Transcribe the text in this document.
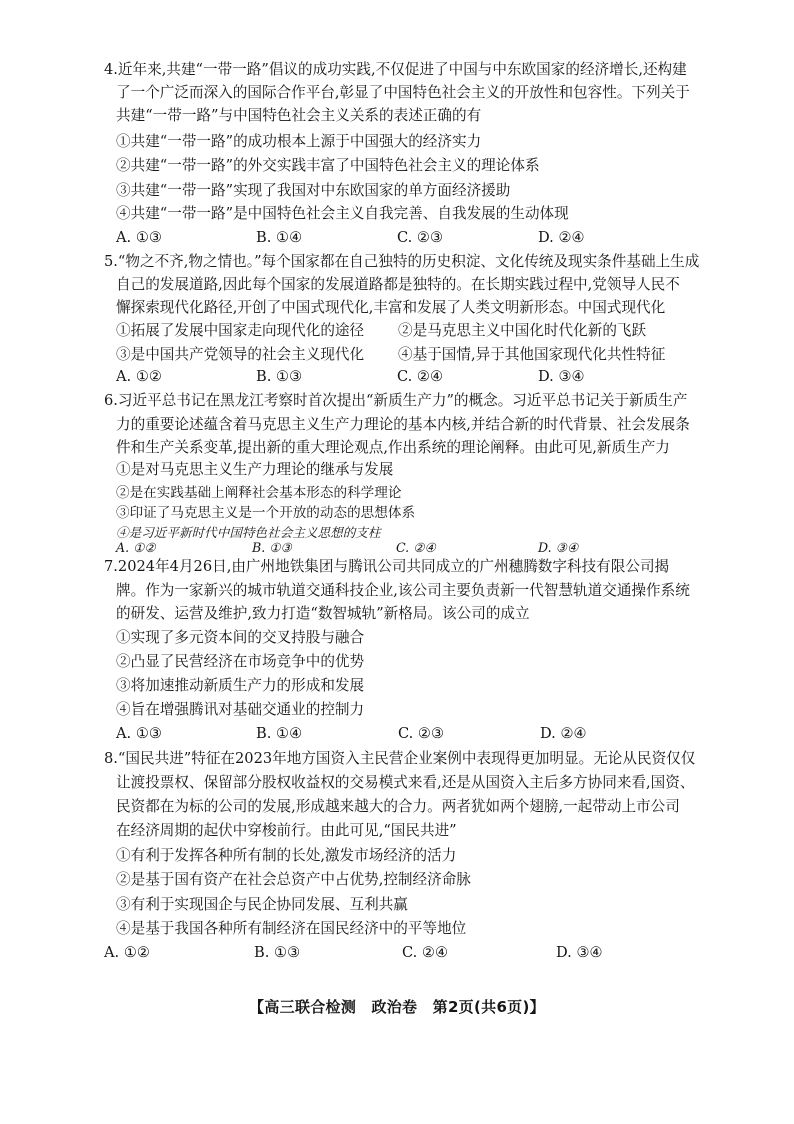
4.近年来,共建“一带一路”倡议的成功实践,不仅促进了中国与中东欧国家的经济增长,还构建
了一个广泛而深入的国际合作平台,彰显了中国特色社会主义的开放性和包容性。下列关于
共建“一带一路”与中国特色社会主义关系的表述正确的有
①共建“一带一路”的成功根本上源于中国强大的经济实力
②共建“一带一路”的外交实践丰富了中国特色社会主义的理论体系
③共建“一带一路”实现了我国对中东欧国家的单方面经济援助
④共建“一带一路”是中国特色社会主义自我完善、自我发展的生动体现
A. ①③	B. ①④	C. ②③	D. ②④
5.“物之不齐,物之情也。”每个国家都在自己独特的历史积淀、文化传统及现实条件基础上生成
自己的发展道路,因此每个国家的发展道路都是独特的。在长期实践过程中,党领导人民不
懈探索现代化路径,开创了中国式现代化,丰富和发展了人类文明新形态。中国式现代化
①拓展了发展中国家走向现代化的途径 ②是马克思主义中国化时代化新的飞跃
③是中国共产党领导的社会主义现代化 ④基于国情,异于其他国家现代化共性特征
A. ①②	B. ①③	C. ②④	D. ③④
6.习近平总书记在黑龙江考察时首次提出“新质生产力”的概念。习近平总书记关于新质生产
力的重要论述蕴含着马克思主义生产力理论的基本内核,并结合新的时代背景、社会发展条
件和生产关系变革,提出新的重大理论观点,作出系统的理论阐释。由此可见,新质生产力
①是对马克思主义生产力理论的继承与发展
②是在实践基础上阐释社会基本形态的科学理论
③印证了马克思主义是一个开放的动态的思想体系
④是习近平新时代中国特色社会主义思想的支柱
A. ①②	B. ①③	C. ②④	D. ③④
7.2024年4月26日,由广州地铁集团与腾讯公司共同成立的广州穗腾数字科技有限公司揭
牌。作为一家新兴的城市轨道交通科技企业,该公司主要负责新一代智慧轨道交通操作系统
的研发、运营及维护,致力打造“数智城轨”新格局。该公司的成立
①实现了多元资本间的交叉持股与融合
②凸显了民营经济在市场竞争中的优势
③将加速推动新质生产力的形成和发展
④旨在增强腾讯对基础交通业的控制力
A. ①③	B. ①④	C. ②③	D. ②④
8.“国民共进”特征在2023年地方国资入主民营企业案例中表现得更加明显。无论从民资仅仅
让渡投票权、保留部分股权收益权的交易模式来看,还是从国资入主后多方协同来看,国资、
民资都在为标的公司的发展,形成越来越大的合力。两者犹如两个翅膀,一起带动上市公司
在经济周期的起伏中穿梭前行。由此可见,“国民共进”
①有利于发挥各种所有制的长处,激发市场经济的活力
②是基于国有资产在社会总资产中占优势,控制经济命脉
③有利于实现国企与民企协同发展、互利共赢
④是基于我国各种所有制经济在国民经济中的平等地位
A. ①②	B. ①③	C. ②④	D. ③④
【高三联合检测　政治卷　第2页(共6页)】
